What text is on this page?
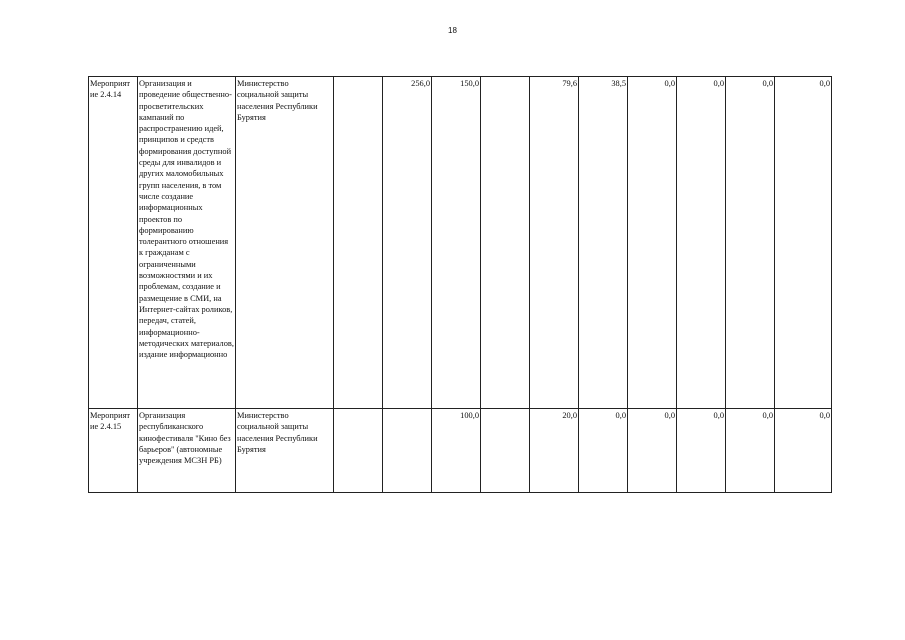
18
Мероприят ие 2.4.14	Организация и проведение общественно-просветительских кампаний по распространению идей, принципов и средств формирования доступной среды для инвалидов и других маломобильных групп населения, в том числе создание информационных проектов по формированию толерантного отношения к гражданам с ограниченными возможностями и их проблемам, создание и размещение в СМИ, на Интернет-сайтах роликов, передач, статей, информационно-методических материалов, издание информационно	Министерство социальной защиты населения Республики Бурятия		256,0	150,0		79,6	38,5	0,0	0,0	0,0	0,0
Мероприят ие 2.4.15	Организация республиканского кинофестиваля "Кино без барьеров" (автономные учреждения МСЗН РБ)	Министерство социальной защиты населения Республики Бурятия			100,0		20,0	0,0	0,0	0,0	0,0	0,0
